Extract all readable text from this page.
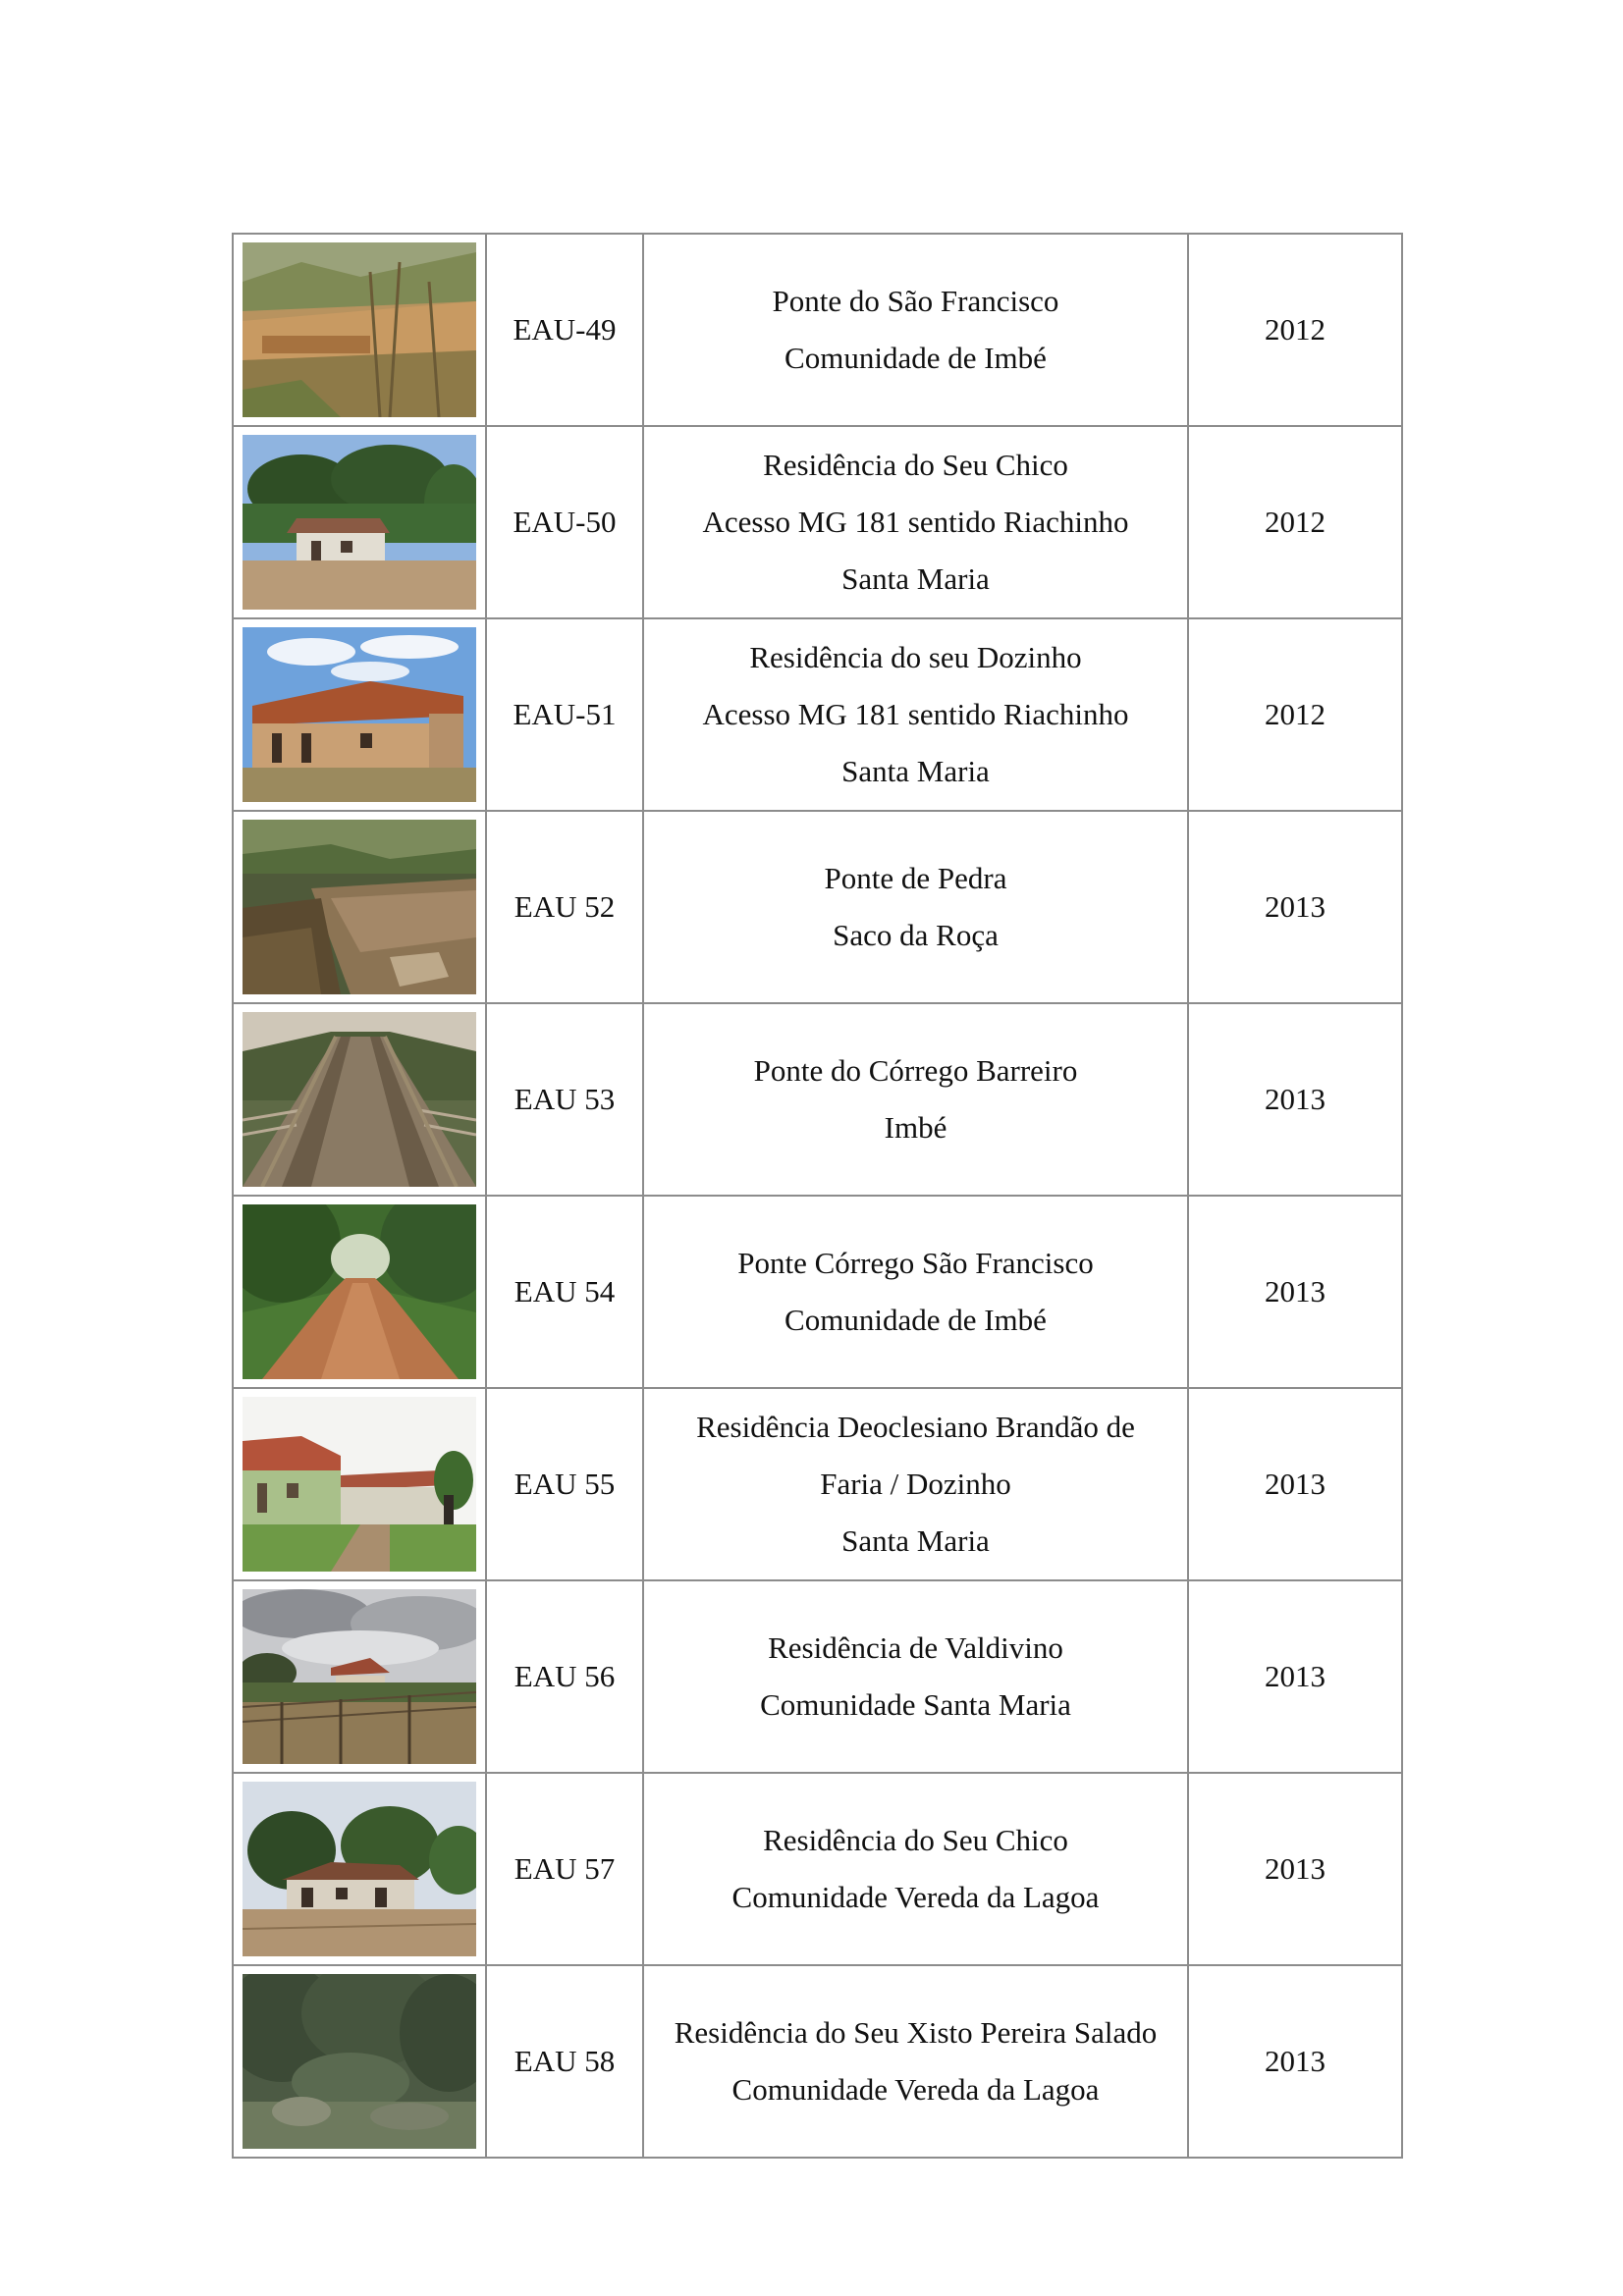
	EAU-49	Ponte do São Francisco
Comunidade de Imbé	2012

	EAU-50	Residência do Seu Chico
Acesso MG 181 sentido Riachinho
Santa Maria	2012

	EAU-51	Residência do seu Dozinho
Acesso MG 181 sentido Riachinho
Santa Maria	2012

	EAU 52	Ponte de Pedra
Saco da Roça	2013

	EAU 53	Ponte do Córrego Barreiro
Imbé	2013

	EAU 54	Ponte Córrego São Francisco
Comunidade de Imbé	2013

	EAU 55	Residência Deoclesiano Brandão de
Faria / Dozinho
Santa Maria	2013

	EAU 56	Residência de Valdivino
Comunidade Santa Maria	2013

	EAU 57	Residência do Seu Chico
Comunidade Vereda da Lagoa	2013

	EAU 58	Residência do Seu Xisto Pereira Salado
Comunidade Vereda da Lagoa	2013
